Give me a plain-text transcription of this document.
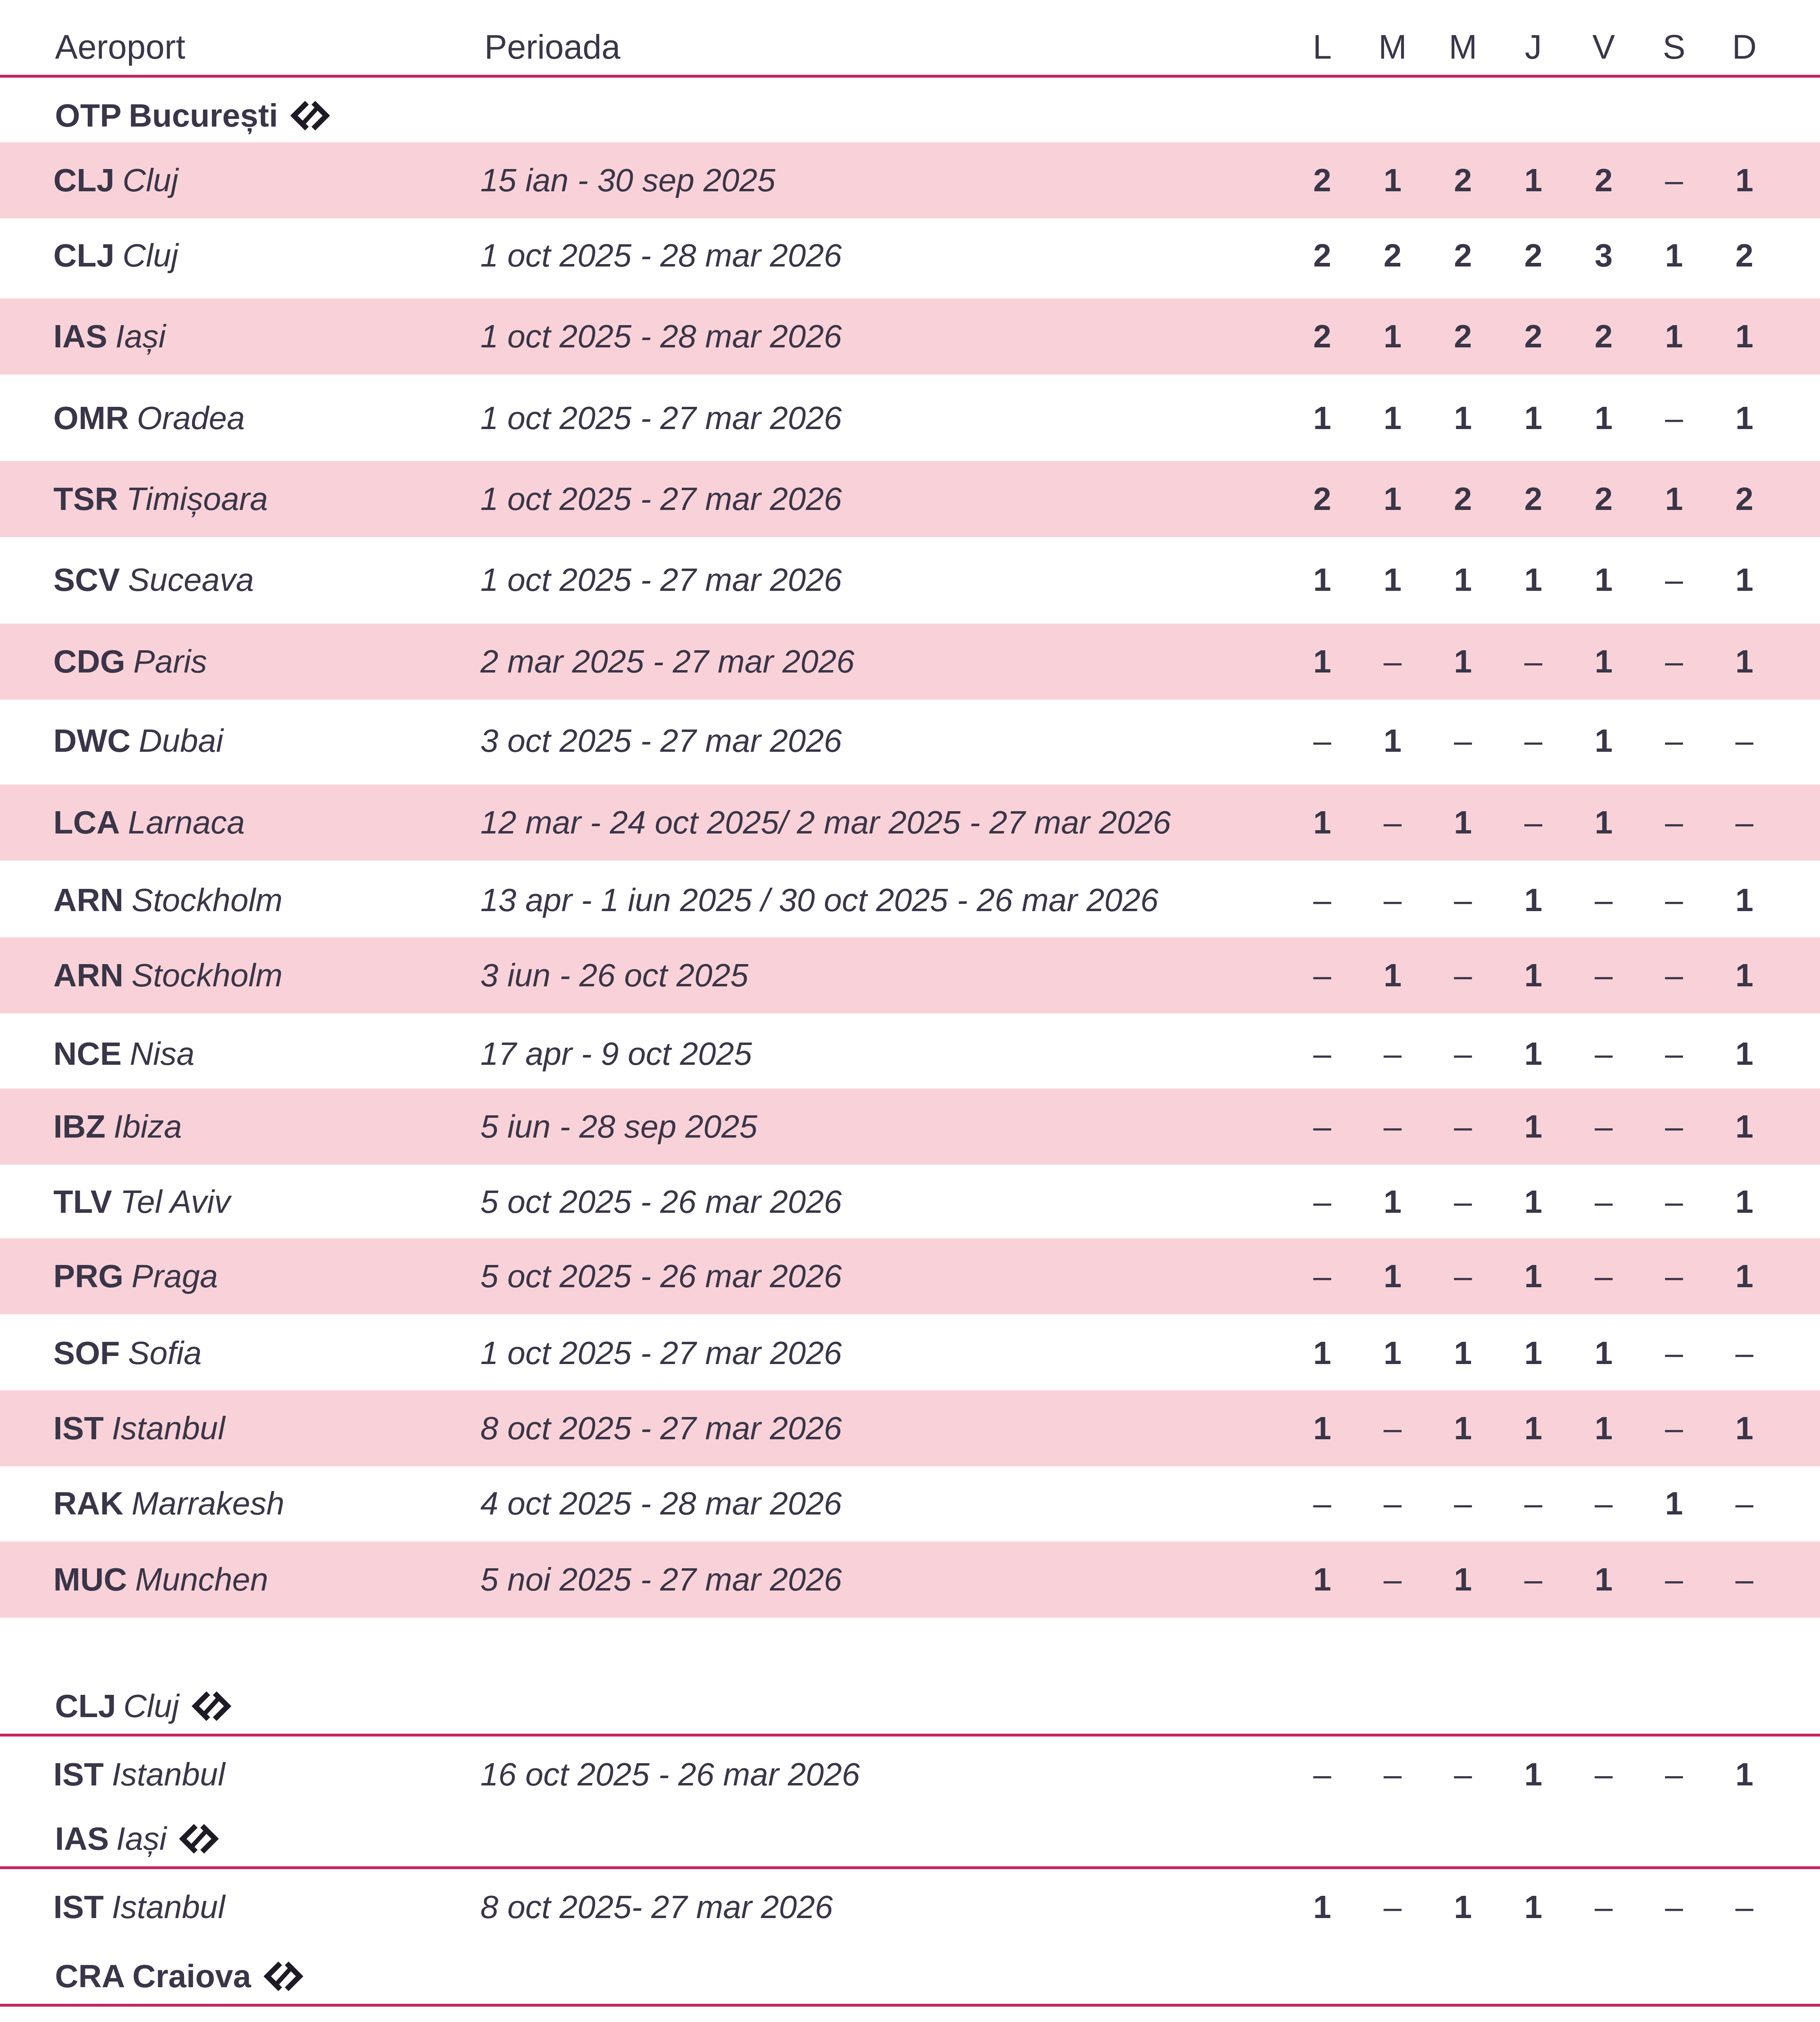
Aeroport	Perioada	L M M J V S D
OTP București
CLJ Cluj	15 ian - 30 sep 2025	2 1 2 1 2 – 1
CLJ Cluj	1 oct 2025 - 28 mar 2026	2 2 2 2 3 1 2
IAS Iași	1 oct 2025 - 28 mar 2026	2 1 2 2 2 1 1
OMR Oradea	1 oct 2025 - 27 mar 2026	1 1 1 1 1 – 1
TSR Timișoara	1 oct 2025 - 27 mar 2026	2 1 2 2 2 1 2
SCV Suceava	1 oct 2025 - 27 mar 2026	1 1 1 1 1 – 1
CDG Paris	2 mar 2025 - 27 mar 2026	1 – 1 – 1 – 1
DWC Dubai	3 oct 2025 - 27 mar 2026	– 1 – – 1 – –
LCA Larnaca	12 mar - 24 oct 2025/ 2 mar 2025 - 27 mar 2026	1 – 1 – 1 – –
ARN Stockholm	13 apr - 1 iun 2025 / 30 oct 2025 - 26 mar 2026	– – – 1 – – 1
ARN Stockholm	3 iun - 26 oct 2025	– 1 – 1 – – 1
NCE Nisa	17 apr - 9 oct 2025	– – – 1 – – 1
IBZ Ibiza	5 iun - 28 sep 2025	– – – 1 – – 1
TLV Tel Aviv	5 oct 2025 - 26 mar 2026	– 1 – 1 – – 1
PRG Praga	5 oct 2025 - 26 mar 2026	– 1 – 1 – – 1
SOF Sofia	1 oct 2025 - 27 mar 2026	1 1 1 1 1 – –
IST Istanbul	8 oct 2025 - 27 mar 2026	1 – 1 1 1 – 1
RAK Marrakesh	4 oct 2025 - 28 mar 2026	– – – – – 1 –
MUC Munchen	5 noi 2025 - 27 mar 2026	1 – 1 – 1 – –
CLJ Cluj
IST Istanbul	16 oct 2025 - 26 mar 2026	– – – 1 – – 1
IAS Iași
IST Istanbul	8 oct 2025- 27 mar 2026	1 – 1 1 – – –
CRA Craiova
